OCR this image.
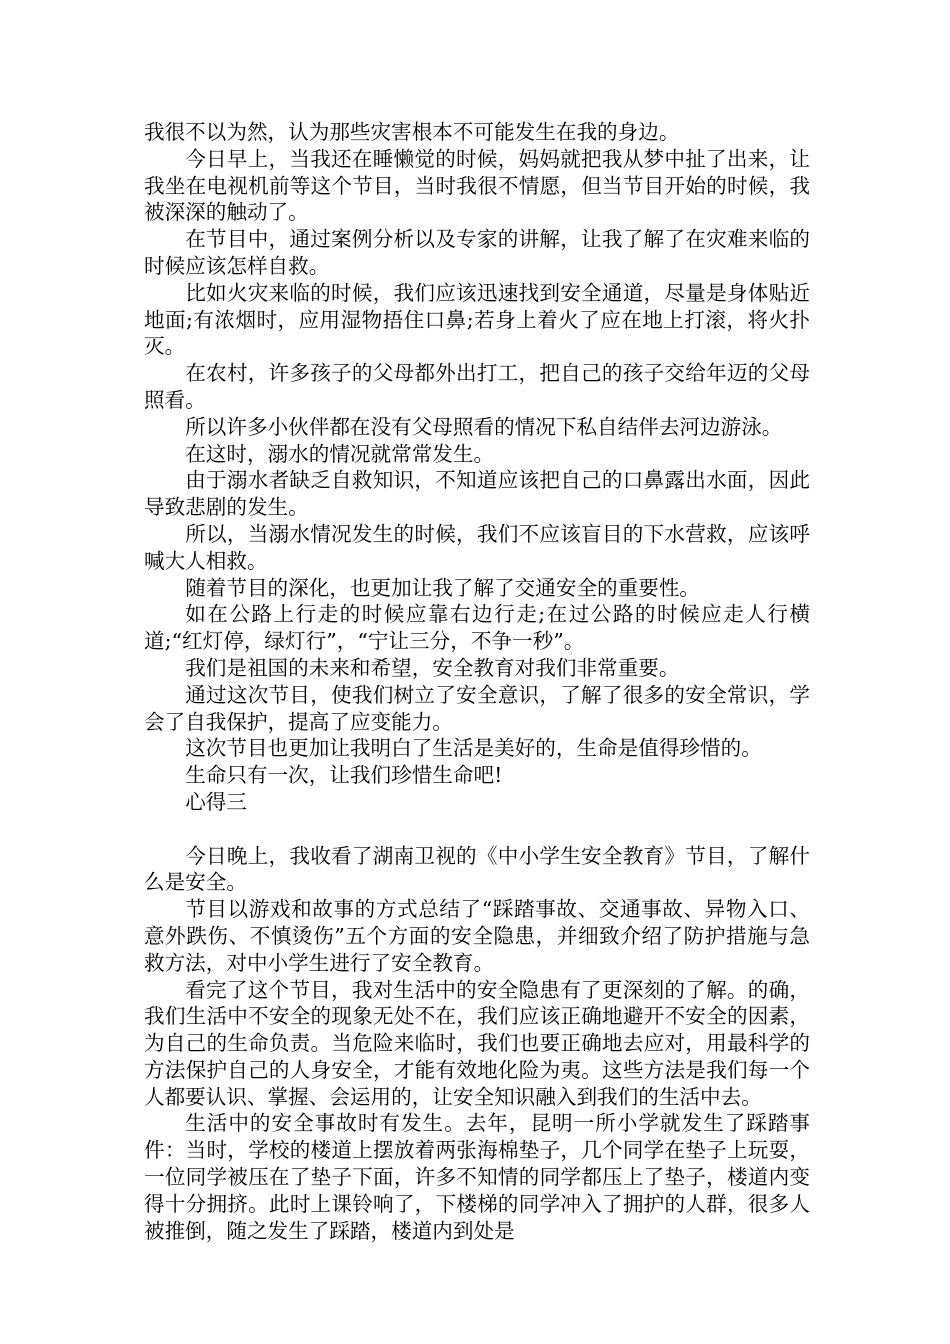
我很不以为然，认为那些灾害根本不可能发生在我的身边。

今日早上，当我还在睡懒觉的时候，妈妈就把我从梦中扯了出来，让我坐在电视机前等这个节目，当时我很不情愿，但当节目开始的时候，我被深深的触动了。

在节目中，通过案例分析以及专家的讲解，让我了解了在灾难来临的时候应该怎样自救。

比如火灾来临的时候，我们应该迅速找到安全通道，尽量是身体贴近地面;有浓烟时，应用湿物捂住口鼻;若身上着火了应在地上打滚，将火扑灭。

在农村，许多孩子的父母都外出打工，把自己的孩子交给年迈的父母照看。

所以许多小伙伴都在没有父母照看的情况下私自结伴去河边游泳。

在这时，溺水的情况就常常发生。

由于溺水者缺乏自救知识，不知道应该把自己的口鼻露出水面，因此导致悲剧的发生。

所以，当溺水情况发生的时候，我们不应该盲目的下水营救，应该呼喊大人相救。

随着节目的深化，也更加让我了解了交通安全的重要性。

如在公路上行走的时候应靠右边行走;在过公路的时候应走人行横道;“红灯停，绿灯行”，“宁让三分，不争一秒”。

我们是祖国的未来和希望，安全教育对我们非常重要。

通过这次节目，使我们树立了安全意识，了解了很多的安全常识，学会了自我保护，提高了应变能力。

这次节目也更加让我明白了生活是美好的，生命是值得珍惜的。

生命只有一次，让我们珍惜生命吧!

心得三

今日晚上，我收看了湖南卫视的《中小学生安全教育》节目，了解什么是安全。

节目以游戏和故事的方式总结了“踩踏事故、交通事故、异物入口、意外跌伤、不慎烫伤”五个方面的安全隐患，并细致介绍了防护措施与急救方法，对中小学生进行了安全教育。

看完了这个节目，我对生活中的安全隐患有了更深刻的了解。的确，我们生活中不安全的现象无处不在，我们应该正确地避开不安全的因素，为自己的生命负责。当危险来临时，我们也要正确地去应对，用最科学的方法保护自己的人身安全，才能有效地化险为夷。这些方法是我们每一个人都要认识、掌握、会运用的，让安全知识融入到我们的生活中去。

生活中的安全事故时有发生。去年，昆明一所小学就发生了踩踏事件：当时，学校的楼道上摆放着两张海棉垫子，几个同学在垫子上玩耍，一位同学被压在了垫子下面，许多不知情的同学都压上了垫子，楼道内变得十分拥挤。此时上课铃响了，下楼梯的同学冲入了拥护的人群，很多人被推倒，随之发生了踩踏，楼道内到处是
